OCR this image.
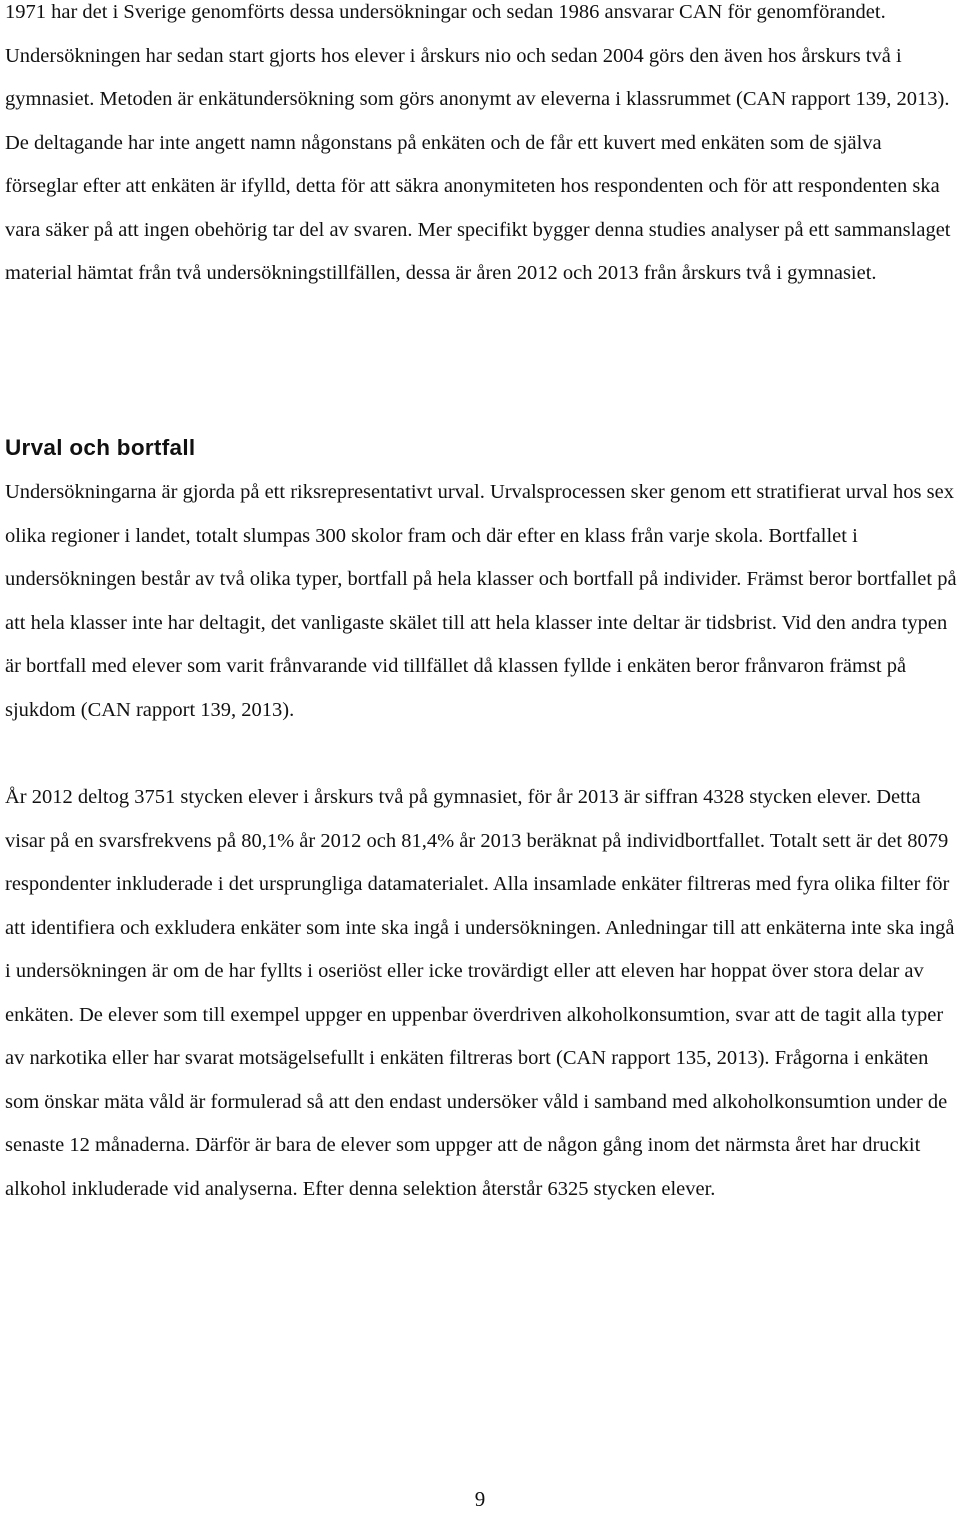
1971 har det i Sverige genomförts dessa undersökningar och sedan 1986 ansvarar CAN för genomförandet. Undersökningen har sedan start gjorts hos elever i årskurs nio och sedan 2004 görs den även hos årskurs två i gymnasiet. Metoden är enkätundersökning som görs anonymt av eleverna i klassrummet (CAN rapport 139, 2013). De deltagande har inte angett namn någonstans på enkäten och de får ett kuvert med enkäten som de själva förseglar efter att enkäten är ifylld, detta för att säkra anonymiteten hos respondenten och för att respondenten ska vara säker på att ingen obehörig tar del av svaren. Mer specifikt bygger denna studies analyser på ett sammanslaget material hämtat från två undersökningstillfällen, dessa är åren 2012 och 2013 från årskurs två i gymnasiet.

Urval och bortfall

Undersökningarna är gjorda på ett riksrepresentativt urval. Urvalsprocessen sker genom ett stratifierat urval hos sex olika regioner i landet, totalt slumpas 300 skolor fram och där efter en klass från varje skola. Bortfallet i undersökningen består av två olika typer, bortfall på hela klasser och bortfall på individer. Främst beror bortfallet på att hela klasser inte har deltagit, det vanligaste skälet till att hela klasser inte deltar är tidsbrist. Vid den andra typen är bortfall med elever som varit frånvarande vid tillfället då klassen fyllde i enkäten beror frånvaron främst på sjukdom (CAN rapport 139, 2013).

År 2012 deltog 3751 stycken elever i årskurs två på gymnasiet, för år 2013 är siffran 4328 stycken elever. Detta visar på en svarsfrekvens på 80,1% år 2012 och 81,4% år 2013 beräknat på individbortfallet. Totalt sett är det 8079 respondenter inkluderade i det ursprungliga datamaterialet. Alla insamlade enkäter filtreras med fyra olika filter för att identifiera och exkludera enkäter som inte ska ingå i undersökningen. Anledningar till att enkäterna inte ska ingå i undersökningen är om de har fyllts i oseriöst eller icke trovärdigt eller att eleven har hoppat över stora delar av enkäten. De elever som till exempel uppger en uppenbar överdriven alkoholkonsumtion, svar att de tagit alla typer av narkotika eller har svarat motsägelsefullt i enkäten filtreras bort (CAN rapport 135, 2013). Frågorna i enkäten som önskar mäta våld är formulerad så att den endast undersöker våld i samband med alkoholkonsumtion under de senaste 12 månaderna. Därför är bara de elever som uppger att de någon gång inom det närmsta året har druckit alkohol inkluderade vid analyserna. Efter denna selektion återstår 6325 stycken elever.

9
